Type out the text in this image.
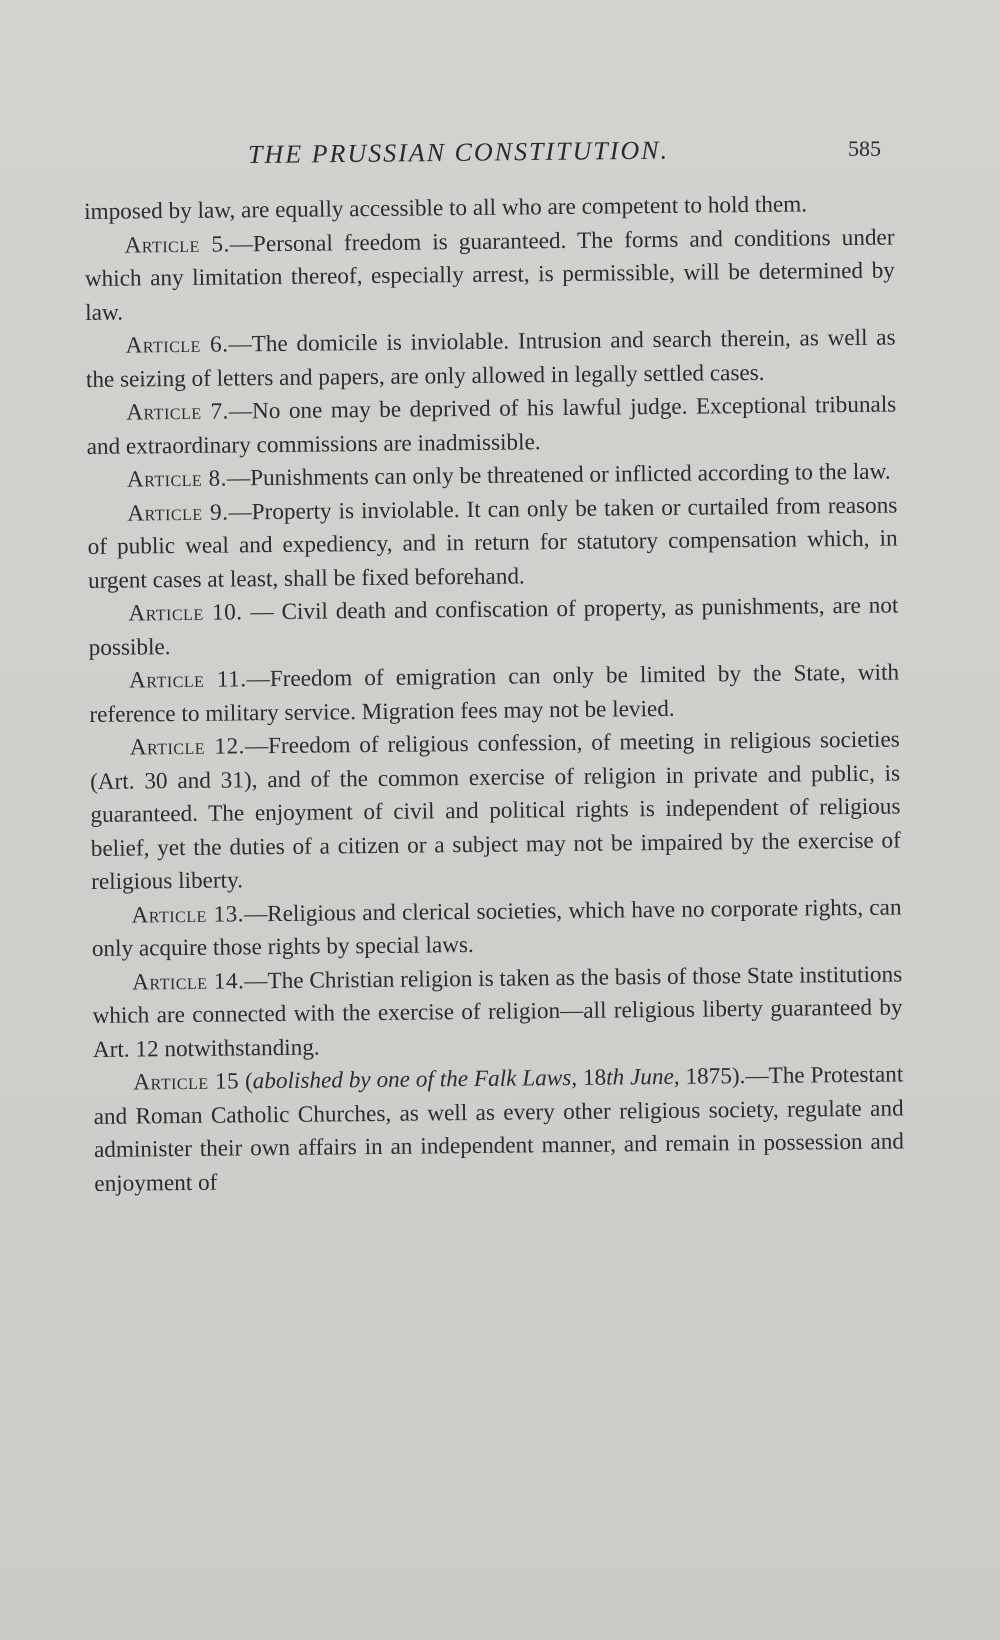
THE PRUSSIAN CONSTITUTION.	585

imposed by law, are equally accessible to all who are competent to hold them.

Article 5.—Personal freedom is guaranteed. The forms and conditions under which any limitation thereof, especially arrest, is permissible, will be determined by law.

Article 6.—The domicile is inviolable. Intrusion and search therein, as well as the seizing of letters and papers, are only allowed in legally settled cases.

Article 7.—No one may be deprived of his lawful judge. Exceptional tribunals and extraordinary commissions are inadmissible.

Article 8.—Punishments can only be threatened or inflicted according to the law.

Article 9.—Property is inviolable. It can only be taken or curtailed from reasons of public weal and expediency, and in return for statutory compensation which, in urgent cases at least, shall be fixed beforehand.

Article 10. — Civil death and confiscation of property, as punishments, are not possible.

Article 11.—Freedom of emigration can only be limited by the State, with reference to military service. Migration fees may not be levied.

Article 12.—Freedom of religious confession, of meeting in religious societies (Art. 30 and 31), and of the common exercise of religion in private and public, is guaranteed. The enjoyment of civil and political rights is independent of religious belief, yet the duties of a citizen or a subject may not be impaired by the exercise of religious liberty.

Article 13.—Religious and clerical societies, which have no corporate rights, can only acquire those rights by special laws.

Article 14.—The Christian religion is taken as the basis of those State institutions which are connected with the exercise of religion—all religious liberty guaranteed by Art. 12 notwithstanding.

Article 15 (abolished by one of the Falk Laws, 18th June, 1875).—The Protestant and Roman Catholic Churches, as well as every other religious society, regulate and administer their own affairs in an independent manner, and remain in possession and enjoyment of
